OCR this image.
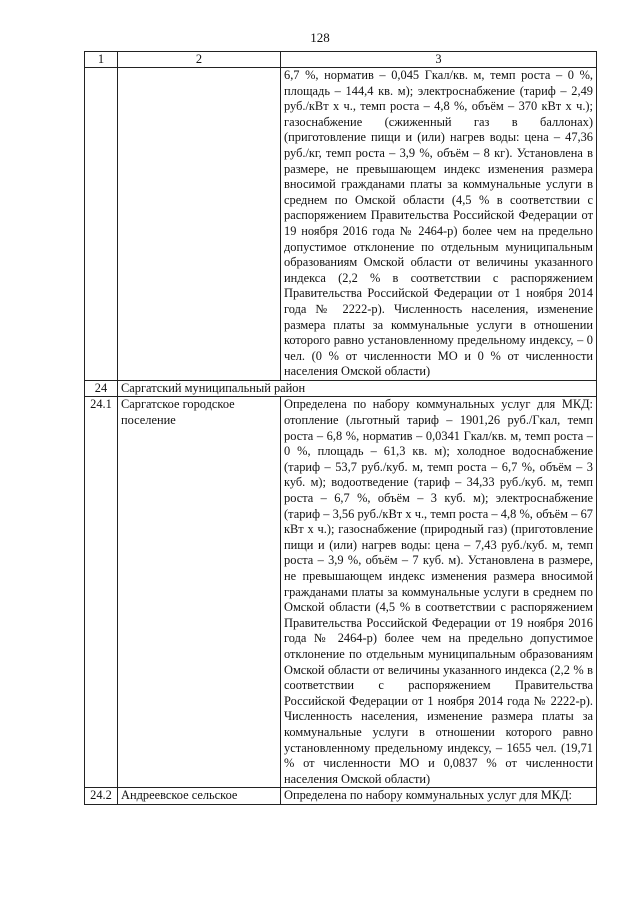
128
1	2	3
		6,7 %, норматив – 0,045 Гкал/кв. м, темп роста – 0 %, площадь – 144,4 кв. м); электроснабжение (тариф – 2,49 руб./кВт х ч., темп роста – 4,8 %, объём – 370 кВт х ч.); газоснабжение (сжиженный газ в баллонах) (приготовление пищи и (или) нагрев воды: цена – 47,36 руб./кг, темп роста – 3,9 %, объём – 8 кг). Установлена в размере, не превышающем индекс изменения размера вносимой гражданами платы за коммунальные услуги в среднем по Омской области (4,5 % в соответствии с распоряжением Правительства Российской Федерации от 19 ноября 2016 года № 2464-р) более чем на предельно допустимое отклонение по отдельным муниципальным образованиям Омской области от величины указанного индекса (2,2 % в соответствии с распоряжением Правительства Российской Федерации от 1 ноября 2014 года № 2222-р). Численность населения, изменение размера платы за коммунальные услуги в отношении которого равно установленному предельному индексу, – 0 чел. (0 % от численности МО и 0 % от численности населения Омской области)
24	Саргатский муниципальный район	
24.1	Саргатское городское поселение	Определена по набору коммунальных услуг для МКД: отопление (льготный тариф – 1901,26 руб./Гкал, темп роста – 6,8 %, норматив – 0,0341 Гкал/кв. м, темп роста – 0 %, площадь – 61,3 кв. м); холодное водоснабжение (тариф – 53,7 руб./куб. м, темп роста – 6,7 %, объём – 3 куб. м); водоотведение (тариф – 34,33 руб./куб. м, темп роста – 6,7 %, объём – 3 куб. м); электроснабжение (тариф – 3,56 руб./кВт х ч., темп роста – 4,8 %, объём – 67 кВт х ч.); газоснабжение (природный газ) (приготовление пищи и (или) нагрев воды: цена – 7,43 руб./куб. м, темп роста – 3,9 %, объём – 7 куб. м). Установлена в размере, не превышающем индекс изменения размера вносимой гражданами платы за коммунальные услуги в среднем по Омской области (4,5 % в соответствии с распоряжением Правительства Российской Федерации от 19 ноября 2016 года № 2464-р) более чем на предельно допустимое отклонение по отдельным муниципальным образованиям Омской области от величины указанного индекса (2,2 % в соответствии с распоряжением Правительства Российской Федерации от 1 ноября 2014 года № 2222-р). Численность населения, изменение размера платы за коммунальные услуги в отношении которого равно установленному предельному индексу, – 1655 чел. (19,71 % от численности МО и 0,0837 % от численности населения Омской области)
24.2	Андреевское сельское	Определена по набору коммунальных услуг для МКД:
